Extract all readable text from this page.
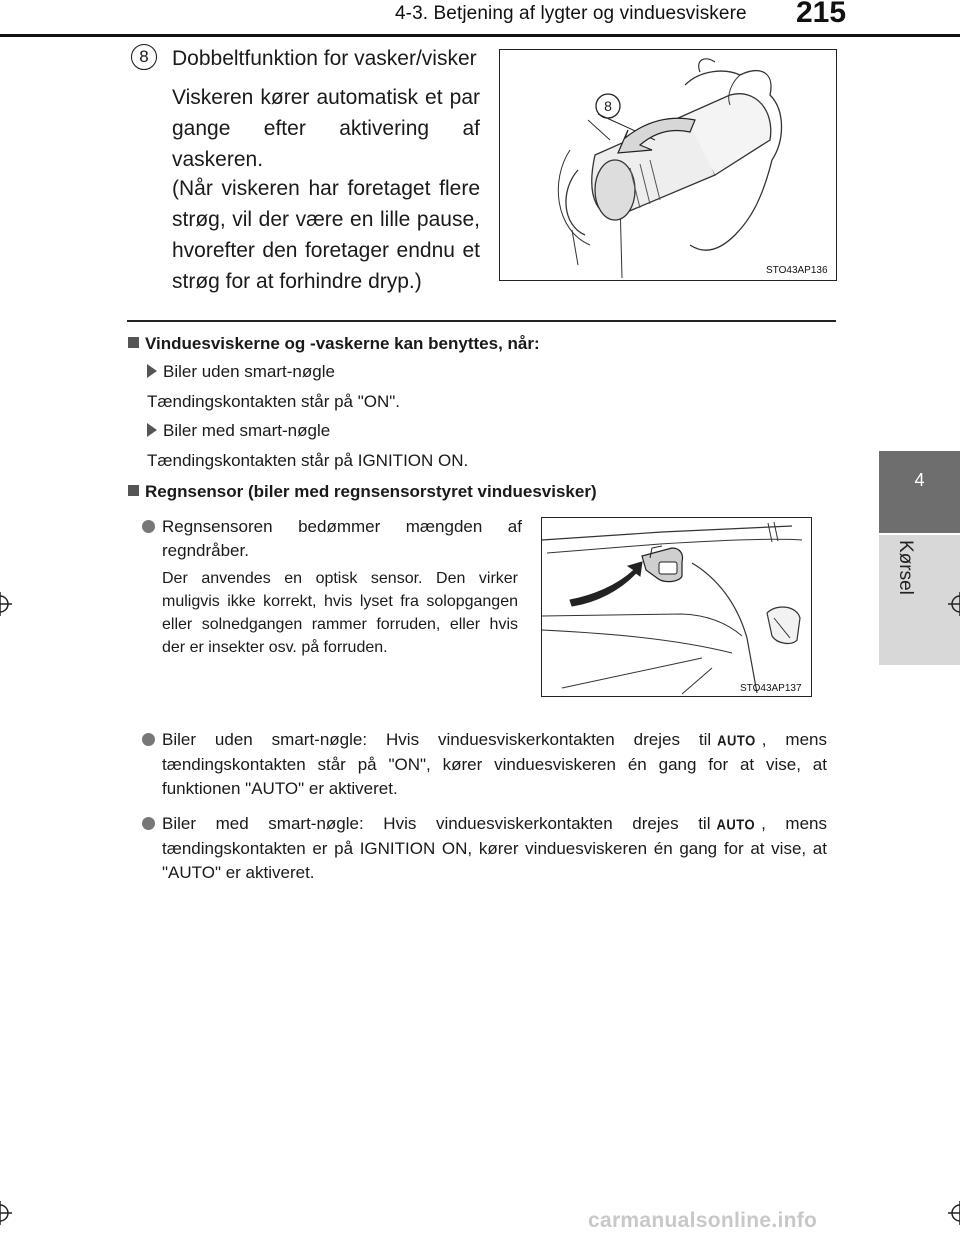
4-3. Betjening af lygter og vinduesviskere 215
4
Kørsel
8	Dobbeltfunktion for vasker/visker
Viskeren kører automatisk et par gange efter aktivering af vaskeren.
(Når viskeren har foretaget flere strøg, vil der være en lille pause, hvorefter den foretager endnu et strøg for at forhindre dryp.)
8
STO43AP136
Vinduesviskerne og -vaskerne kan benyttes, når:
Biler uden smart-nøgle
Tændingskontakten står på "ON".
Biler med smart-nøgle
Tændingskontakten står på IGNITION ON.
Regnsensor (biler med regnsensorstyret vinduesvisker)
Regnsensoren bedømmer mængden af regndråber.
Der anvendes en optisk sensor. Den virker muligvis ikke korrekt, hvis lyset fra solopgangen eller solnedgangen rammer forruden, eller hvis der er insekter osv. på forruden.
STO43AP137
Biler uden smart-nøgle: Hvis vinduesviskerkontakten drejes til AUTO , mens tændingskontakten står på "ON", kører vinduesviskeren én gang for at vise, at funktionen "AUTO" er aktiveret.
Biler med smart-nøgle: Hvis vinduesviskerkontakten drejes til AUTO , mens tændingskontakten er på IGNITION ON, kører vinduesviskeren én gang for at vise, at "AUTO" er aktiveret.
carmanualsonline.info
